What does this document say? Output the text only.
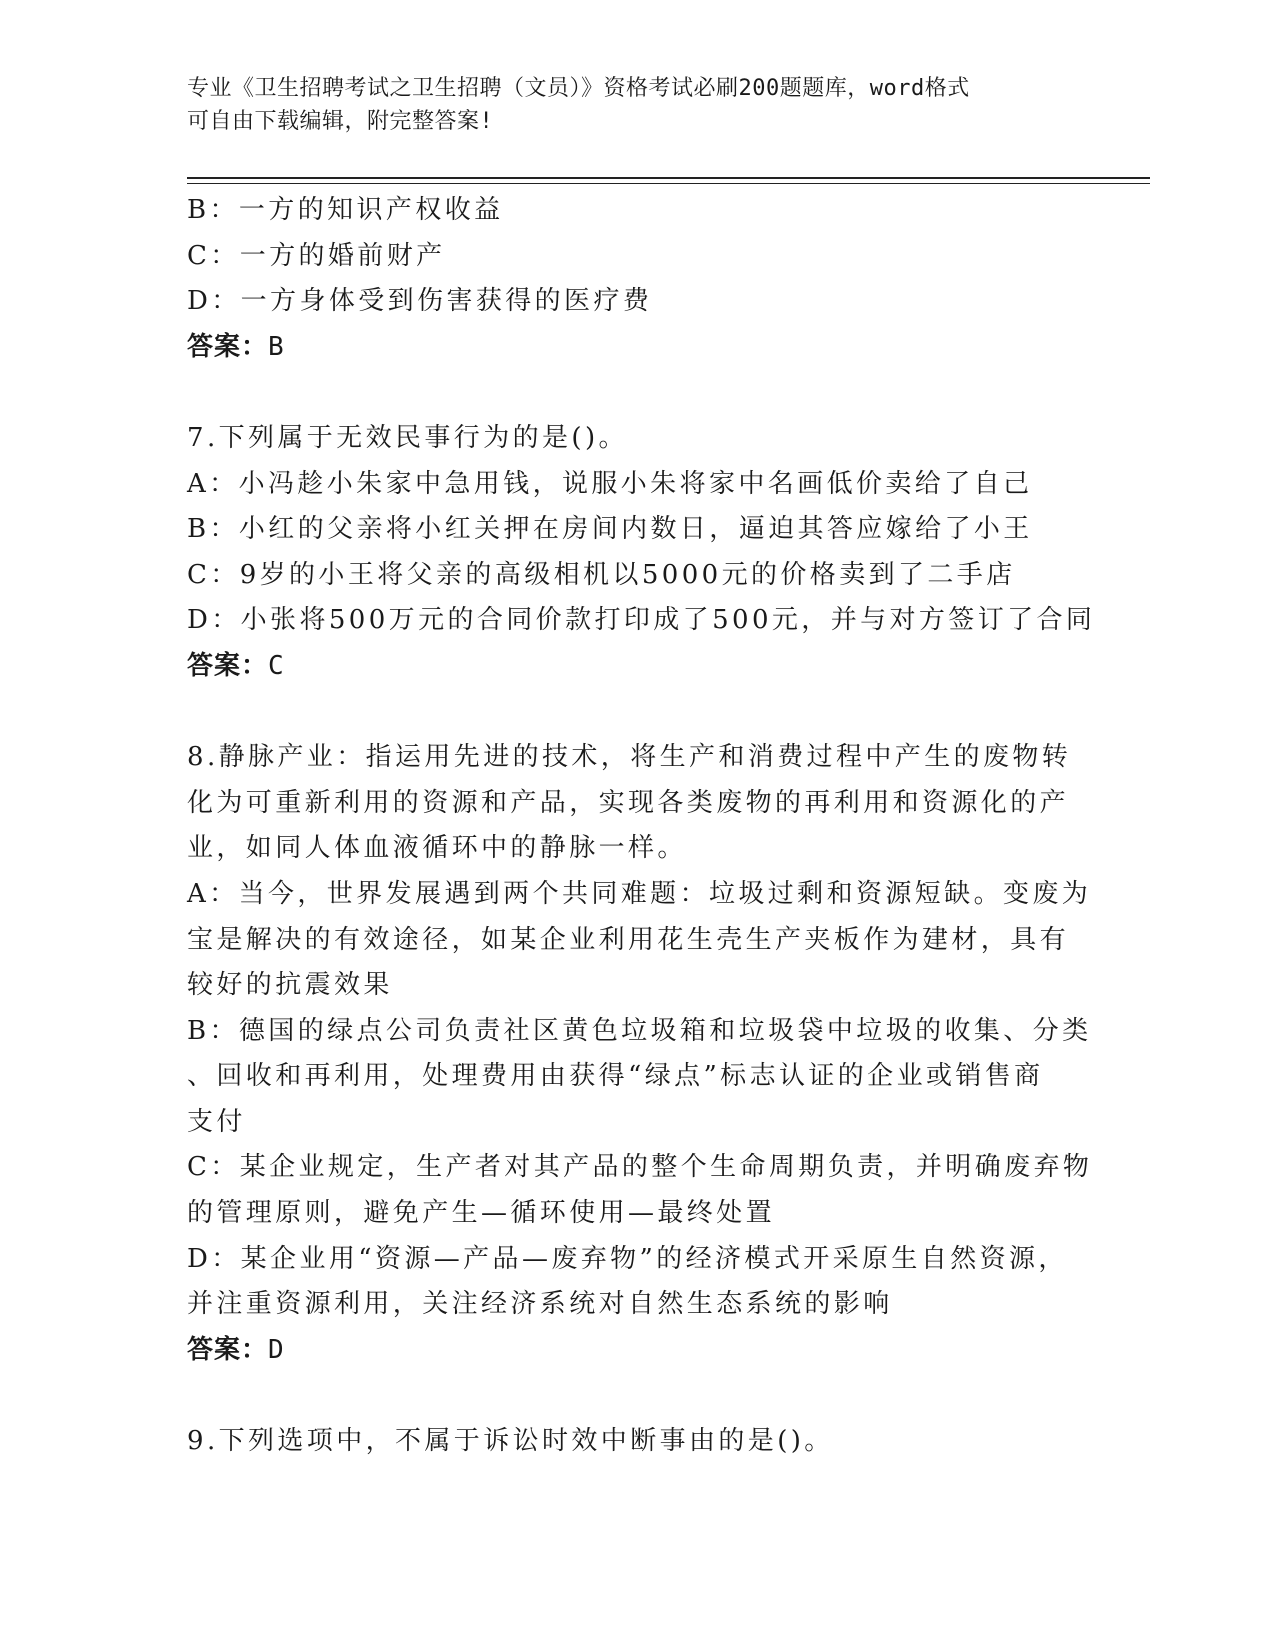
专业《卫生招聘考试之卫生招聘（文员）》资格考试必刷200题题库，word格式
可自由下载编辑，附完整答案!
B：一方的知识产权收益
C：一方的婚前财产
D：一方身体受到伤害获得的医疗费
答案：B
7.下列属于无效民事行为的是()。
A：小冯趁小朱家中急用钱，说服小朱将家中名画低价卖给了自己
B：小红的父亲将小红关押在房间内数日，逼迫其答应嫁给了小王
C：9岁的小王将父亲的高级相机以5000元的价格卖到了二手店
D：小张将500万元的合同价款打印成了500元，并与对方签订了合同
答案：C
8.静脉产业：指运用先进的技术，将生产和消费过程中产生的废物转
化为可重新利用的资源和产品，实现各类废物的再利用和资源化的产
业，如同人体血液循环中的静脉一样。
A：当今，世界发展遇到两个共同难题：垃圾过剩和资源短缺。变废为
宝是解决的有效途径，如某企业利用花生壳生产夹板作为建材，具有
较好的抗震效果
B：德国的绿点公司负责社区黄色垃圾箱和垃圾袋中垃圾的收集、分类
、回收和再利用，处理费用由获得“绿点”标志认证的企业或销售商
支付
C：某企业规定，生产者对其产品的整个生命周期负责，并明确废弃物
的管理原则，避免产生—循环使用—最终处置
D：某企业用“资源—产品—废弃物”的经济模式开采原生自然资源，
并注重资源利用，关注经济系统对自然生态系统的影响
答案：D
9.下列选项中，不属于诉讼时效中断事由的是()。
